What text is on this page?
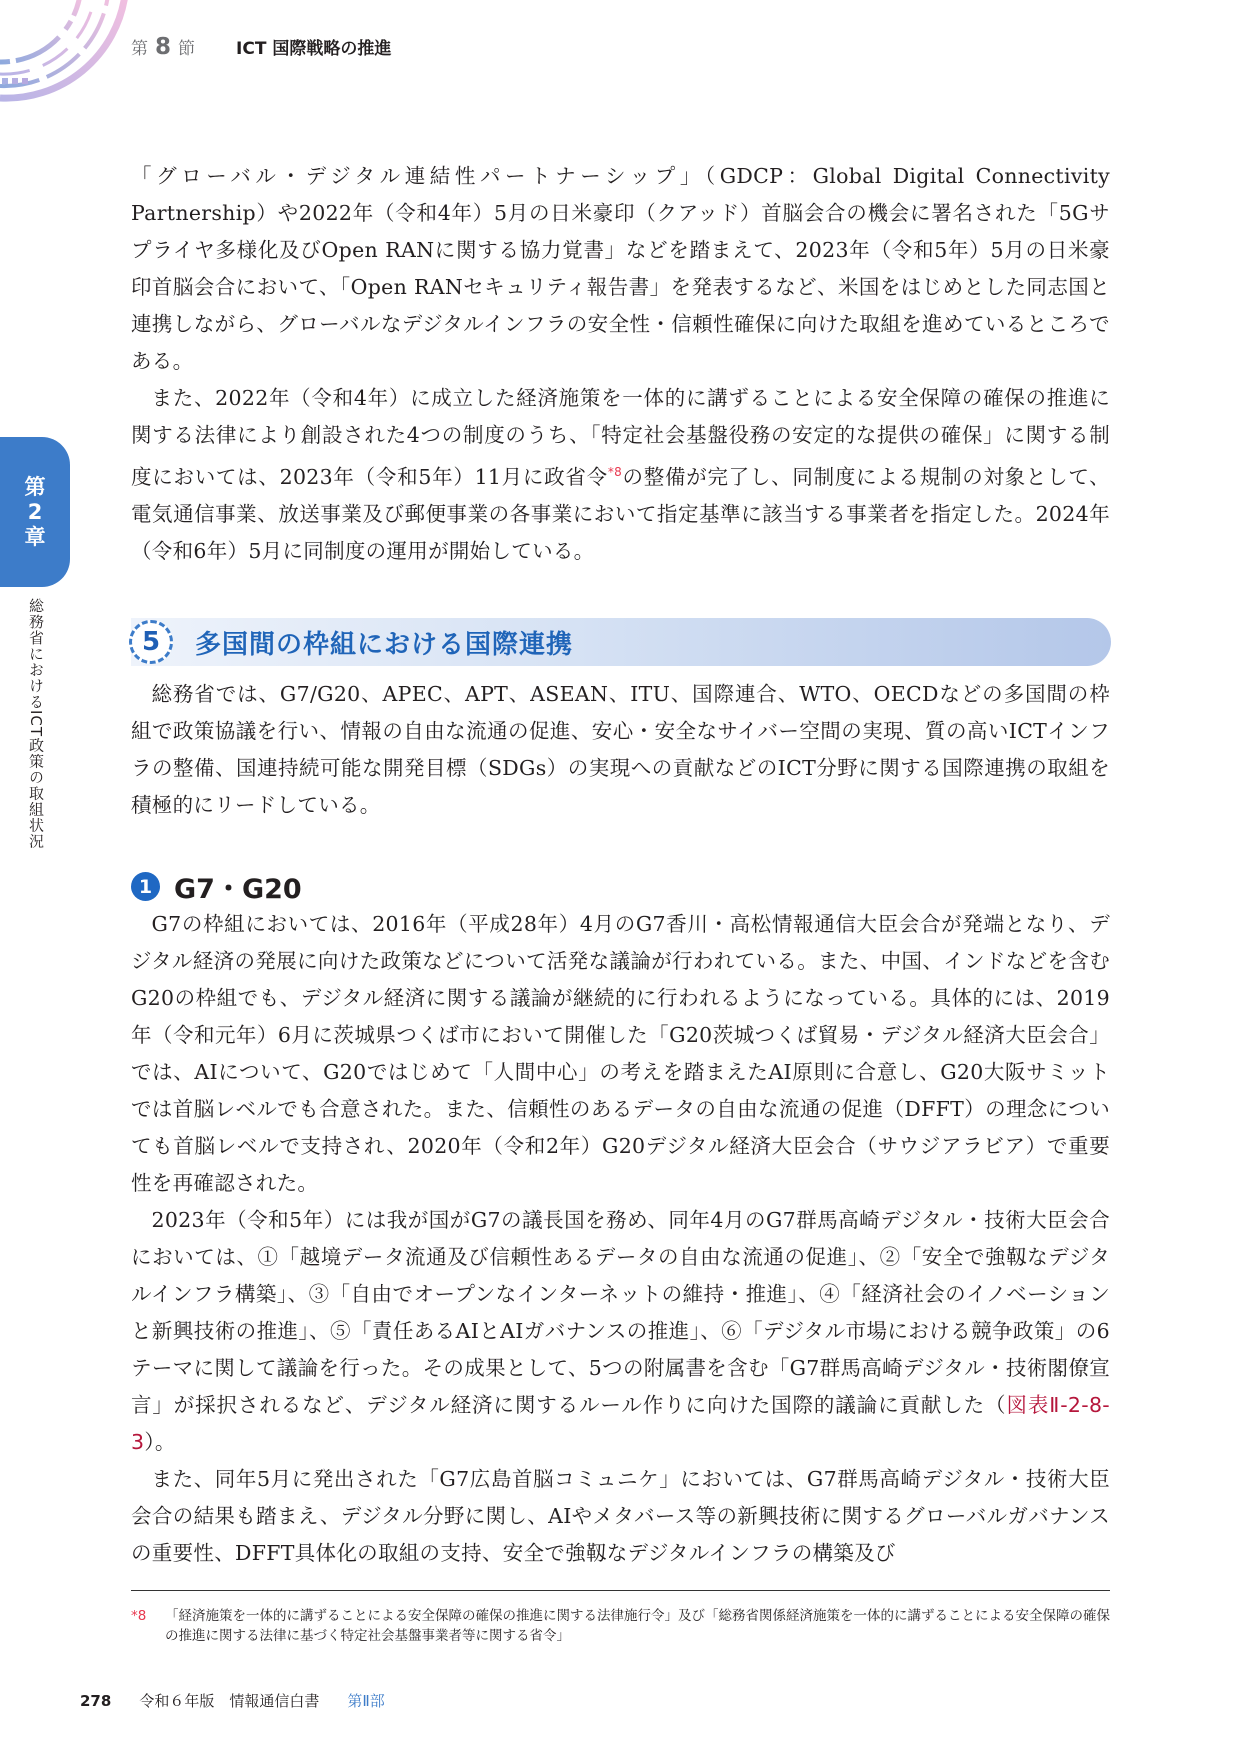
第 8 節 ICT 国際戦略の推進
第
2
章
総務省におけるICT政策の取組状況

「グローバル・デジタル連結性パートナーシップ」（GDCP：Global Digital Connectivity Partnership）や2022年（令和4年）5月の日米豪印（クアッド）首脳会合の機会に署名された「5Gサプライヤ多様化及びOpen RANに関する協力覚書」などを踏まえて、2023年（令和5年）5月の日米豪印首脳会合において、「Open RANセキュリティ報告書」を発表するなど、米国をはじめとした同志国と連携しながら、グローバルなデジタルインフラの安全性・信頼性確保に向けた取組を進めているところである。

また、2022年（令和4年）に成立した経済施策を一体的に講ずることによる安全保障の確保の推進に関する法律により創設された4つの制度のうち、「特定社会基盤役務の安定的な提供の確保」に関する制度においては、2023年（令和5年）11月に政省令$^{*8}$の整備が完了し、同制度による規制の対象として、電気通信事業、放送事業及び郵便事業の各事業において指定基準に該当する事業者を指定した。2024年（令和6年）5月に同制度の運用が開始している。

5	多国間の枠組における国際連携

総務省では、G7/G20、APEC、APT、ASEAN、ITU、国際連合、WTO、OECDなどの多国間の枠組で政策協議を行い、情報の自由な流通の促進、安心・安全なサイバー空間の実現、質の高いICTインフラの整備、国連持続可能な開発目標（SDGs）の実現への貢献などのICT分野に関する国際連携の取組を積極的にリードしている。

1 G7・G20

G7の枠組においては、2016年（平成28年）4月のG7香川・高松情報通信大臣会合が発端となり、デジタル経済の発展に向けた政策などについて活発な議論が行われている。また、中国、インドなどを含むG20の枠組でも、デジタル経済に関する議論が継続的に行われるようになっている。具体的には、2019年（令和元年）6月に茨城県つくば市において開催した「G20茨城つくば貿易・デジタル経済大臣会合」では、AIについて、G20ではじめて「人間中心」の考えを踏まえたAI原則に合意し、G20大阪サミットでは首脳レベルでも合意された。また、信頼性のあるデータの自由な流通の促進（DFFT）の理念についても首脳レベルで支持され、2020年（令和2年）G20デジタル経済大臣会合（サウジアラビア）で重要性を再確認された。

2023年（令和5年）には我が国がG7の議長国を務め、同年4月のG7群馬高崎デジタル・技術大臣会合においては、①「越境データ流通及び信頼性あるデータの自由な流通の促進」、②「安全で強靱なデジタルインフラ構築」、③「自由でオープンなインターネットの維持・推進」、④「経済社会のイノベーションと新興技術の推進」、⑤「責任あるAIとAIガバナンスの推進」、⑥「デジタル市場における競争政策」の6テーマに関して議論を行った。その成果として、5つの附属書を含む「G7群馬高崎デジタル・技術閣僚宣言」が採択されるなど、デジタル経済に関するルール作りに向けた国際的議論に貢献した（図表Ⅱ-2-8-3）。

また、同年5月に発出された「G7広島首脳コミュニケ」においては、G7群馬高崎デジタル・技術大臣会合の結果も踏まえ、デジタル分野に関し、AIやメタバース等の新興技術に関するグローバルガバナンスの重要性、DFFT具体化の取組の支持、安全で強靱なデジタルインフラの構築及び

*8	「経済施策を一体的に講ずることによる安全保障の確保の推進に関する法律施行令」及び「総務省関係経済施策を一体的に講ずることによる安全保障の確保の推進に関する法律に基づく特定社会基盤事業者等に関する省令」
278 令和６年版　情報通信白書 第Ⅱ部
